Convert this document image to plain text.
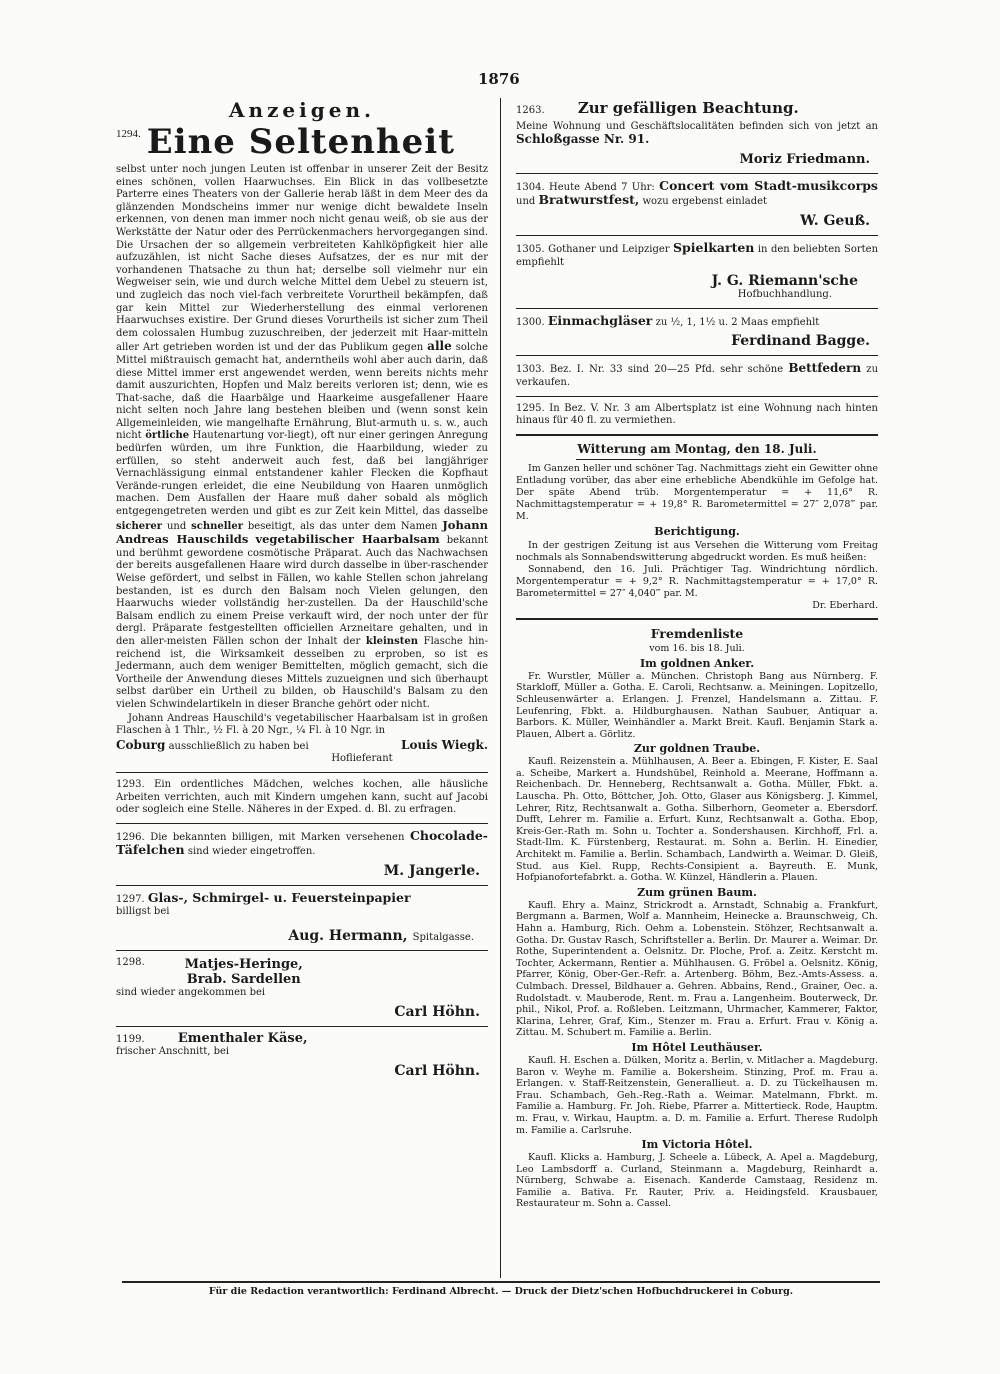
1876
Anzeigen.
1294. Eine Seltenheit

selbst unter noch jungen Leuten ist offenbar in unserer Zeit der Besitz eines schönen, vollen Haarwuchses. Ein Blick in das vollbesetzte Parterre eines Theaters von der Gallerie herab läßt in dem Meer des da glänzenden Mondscheins immer nur wenige dicht bewaldete Inseln erkennen, von denen man immer noch nicht genau weiß, ob sie aus der Werkstätte der Natur oder des Perrückenmachers hervorgegangen sind. Die Ursachen der so allgemein verbreiteten Kahlköpfigkeit hier alle aufzuzählen, ist nicht Sache dieses Aufsatzes, der es nur mit der vorhandenen Thatsache zu thun hat; derselbe soll vielmehr nur ein Wegweiser sein, wie und durch welche Mittel dem Uebel zu steuern ist, und zugleich das noch viel-fach verbreitete Vorurtheil bekämpfen, daß gar kein Mittel zur Wiederherstellung des einmal verlorenen Haarwuchses existire. Der Grund dieses Vorurtheils ist sicher zum Theil dem colossalen Humbug zuzuschreiben, der jederzeit mit Haar-mitteln aller Art getrieben worden ist und der das Publikum gegen alle solche Mittel mißtrauisch gemacht hat, anderntheils wohl aber auch darin, daß diese Mittel immer erst angewendet werden, wenn bereits nichts mehr damit auszurichten, Hopfen und Malz bereits verloren ist; denn, wie es That-sache, daß die Haarbälge und Haarkeime ausgefallener Haare nicht selten noch Jahre lang bestehen bleiben und (wenn sonst kein Allgemeinleiden, wie mangelhafte Ernährung, Blut-armuth u. s. w., auch nicht örtliche Hautenartung vor-liegt), oft nur einer geringen Anregung bedürfen würden, um ihre Funktion, die Haarbildung, wieder zu erfüllen, so steht anderweit auch fest, daß bei langjähriger Vernachlässigung einmal entstandener kahler Flecken die Kopfhaut Verände-rungen erleidet, die eine Neubildung von Haaren unmöglich machen. Dem Ausfallen der Haare muß daher sobald als möglich entgegengetreten werden und gibt es zur Zeit kein Mittel, das dasselbe sicherer und schneller beseitigt, als das unter dem Namen Johann Andreas Hauschilds vegetabilischer Haarbalsam bekannt und berühmt gewordene cosmötische Präparat. Auch das Nachwachsen der bereits ausgefallenen Haare wird durch dasselbe in über-raschender Weise gefördert, und selbst in Fällen, wo kahle Stellen schon jahrelang bestanden, ist es durch den Balsam noch Vielen gelungen, den Haarwuchs wieder vollständig her-zustellen. Da der Hauschild'sche Balsam endlich zu einem Preise verkauft wird, der noch unter der für dergl. Präparate festgestellten officiellen Arzneitare gehalten, und in den aller-meisten Fällen schon der Inhalt der kleinsten Flasche hin-reichend ist, die Wirksamkeit desselben zu erproben, so ist es Jedermann, auch dem weniger Bemittelten, möglich gemacht, sich die Vortheile der Anwendung dieses Mittels zuzueignen und sich überhaupt selbst darüber ein Urtheil zu bilden, ob Hauschild's Balsam zu den vielen Schwindelartikeln in dieser Branche gehört oder nicht.

Johann Andreas Hauschild's vegetabilischer Haarbalsam ist in großen Flaschen à 1 Thlr., ½ Fl. à 20 Ngr., ¼ Fl. à 10 Ngr. in

Coburg ausschließlich zu haben bei	Louis Wiegk.

Hoflieferant

1293. Ein ordentliches Mädchen, welches kochen, alle häusliche Arbeiten verrichten, auch mit Kindern umgehen kann, sucht auf Jacobi oder sogleich eine Stelle. Näheres in der Exped. d. Bl. zu erfragen.

1296. Die bekannten billigen, mit Marken versehenen Chocolade-Täfelchen sind wieder eingetroffen.

M. Jangerle.

1297. Glas-, Schmirgel- u. Feuersteinpapier
billigst bei

Aug. Hermann, Spitalgasse.
1298.	Matjes-Heringe,
Brab. Sardellen

sind wieder angekommen bei

Carl Höhn.

1199.	Ementhaler Käse,

frischer Anschnitt, bei

Carl Höhn.

1263. Zur gefälligen Beachtung.

Meine Wohnung und Geschäftslocalitäten befinden sich von jetzt an Schloßgasse Nr. 91.

Moriz Friedmann.

1304. Heute Abend 7 Uhr: Concert vom Stadt-musikcorps und Bratwurstfest, wozu ergebenst einladet

W. Geuß.

1305. Gothaner und Leipziger Spielkarten in den beliebten Sorten empfiehlt

J. G. Riemann'sche

Hofbuchhandlung.

1300. Einmachgläser zu ½, 1, 1½ u. 2 Maas empfiehlt

Ferdinand Bagge.

1303. Bez. I. Nr. 33 sind 20—25 Pfd. sehr schöne Bettfedern zu verkaufen.

1295. In Bez. V. Nr. 3 am Albertsplatz ist eine Wohnung nach hinten hinaus für 40 fl. zu vermiethen.

Witterung am Montag, den 18. Juli.

Im Ganzen heller und schöner Tag. Nachmittags zieht ein Gewitter ohne Entladung vorüber, das aber eine erhebliche Abendkühle im Gefolge hat. Der späte Abend trüb. Morgentemperatur = + 11,6° R. Nachmittagstemperatur = + 19,8° R. Barometermittel = 27″ 2,078‴ par. M.

Berichtigung.

In der gestrigen Zeitung ist aus Versehen die Witterung vom Freitag nochmals als Sonnabendswitterung abgedruckt worden. Es muß heißen:

Sonnabend, den 16. Juli. Prächtiger Tag. Windrichtung nördlich. Morgentemperatur = + 9,2° R. Nachmittagstemperatur = + 17,0° R. Barometermittel = 27″ 4,040‴ par. M.

Dr. Eberhard.

Fremdenliste

vom 16. bis 18. Juli.

Im goldnen Anker.

Fr. Wurstler, Müller a. München. Christoph Bang aus Nürnberg. F. Starkloff, Müller a. Gotha. E. Caroli, Rechtsanw. a. Meiningen. Lopitzello, Schleusenwärter a. Erlangen. J. Frenzel, Handelsmann a. Zittau. F. Leufenring, Fbkt. a. Hildburghausen. Nathan Saubuer, Antiquar a. Barbors. K. Müller, Weinhändler a. Markt Breit. Kaufl. Benjamin Stark a. Plauen, Albert a. Görlitz.

Zur goldnen Traube.

Kaufl. Reizenstein a. Mühlhausen, A. Beer a. Ebingen, F. Kister, E. Saal a. Scheibe, Markert a. Hundshübel, Reinhold a. Meerane, Hoffmann a. Reichenbach. Dr. Henneberg, Rechtsanwalt a. Gotha. Müller, Fbkt. a. Lauscha. Ph. Otto, Böttcher, Joh. Otto, Glaser aus Königsberg. J. Kimmel, Lehrer, Ritz, Rechtsanwalt a. Gotha. Silberhorn, Geometer a. Ebersdorf. Dufft, Lehrer m. Familie a. Erfurt. Kunz, Rechtsanwalt a. Gotha. Ebop, Kreis-Ger.-Rath m. Sohn u. Tochter a. Sondershausen. Kirchhoff, Frl. a. Stadt-Ilm. K. Fürstenberg, Restaurat. m. Sohn a. Berlin. H. Einedier, Architekt m. Familie a. Berlin. Schambach, Landwirth a. Weimar. D. Gleiß, Stud. aus Kiel. Rupp, Rechts-Consipient a. Bayreuth. E. Munk, Hofpianofortefabrkt. a. Gotha. W. Künzel, Händlerin a. Plauen.

Zum grünen Baum.

Kaufl. Ehry a. Mainz, Strickrodt a. Arnstadt, Schnabig a. Frankfurt, Bergmann a. Barmen, Wolf a. Mannheim, Heinecke a. Braunschweig, Ch. Hahn a. Hamburg, Rich. Oehm a. Lobenstein. Stöhzer, Rechtsanwalt a. Gotha. Dr. Gustav Rasch, Schriftsteller a. Berlin. Dr. Maurer a. Weimar. Dr. Rothe, Superintendent a. Oelsnitz. Dr. Ploche, Prof. a. Zeitz. Kerstcht m. Tochter, Ackermann, Rentier a. Mühlhausen. G. Fröbel a. Oelsnitz. König, Pfarrer, König, Ober-Ger.-Refr. a. Artenberg. Böhm, Bez.-Amts-Assess. a. Culmbach. Dressel, Bildhauer a. Gehren. Abbains, Rend., Grainer, Oec. a. Rudolstadt. v. Mauberode, Rent. m. Frau a. Langenheim. Bouterweck, Dr. phil., Nikol, Prof. a. Roßleben. Leitzmann, Uhrmacher, Kammerer, Faktor, Klarina, Lehrer, Graf, Kim., Stenzer m. Frau a. Erfurt. Frau v. König a. Zittau. M. Schubert m. Familie a. Berlin.

Im Hôtel Leuthäuser.

Kaufl. H. Eschen a. Dülken, Moritz a. Berlin, v. Mitlacher a. Magdeburg. Baron v. Weyhe m. Familie a. Bokersheim. Stinzing, Prof. m. Frau a. Erlangen. v. Staff-Reitzenstein, Generallieut. a. D. zu Tückelhausen m. Frau. Schambach, Geh.-Reg.-Rath a. Weimar. Matelmann, Fbrkt. m. Familie a. Hamburg. Fr. Joh. Riebe, Pfarrer a. Mittertieck. Rode, Hauptm. m. Frau, v. Wirkau, Hauptm. a. D. m. Familie a. Erfurt. Therese Rudolph m. Familie a. Carlsruhe.

Im Victoria Hôtel.

Kaufl. Klicks a. Hamburg, J. Scheele a. Lübeck, A. Apel a. Magdeburg, Leo Lambsdorff a. Curland, Steinmann a. Magdeburg, Reinhardt a. Nürnberg, Schwabe a. Eisenach. Kanderde Camstaag, Residenz m. Familie a. Bativa. Fr. Rauter, Priv. a. Heidingsfeld. Krausbauer, Restaurateur m. Sohn a. Cassel.

Für die Redaction verantwortlich: Ferdinand Albrecht. — Druck der Dietz'schen Hofbuchdruckerei in Coburg.
